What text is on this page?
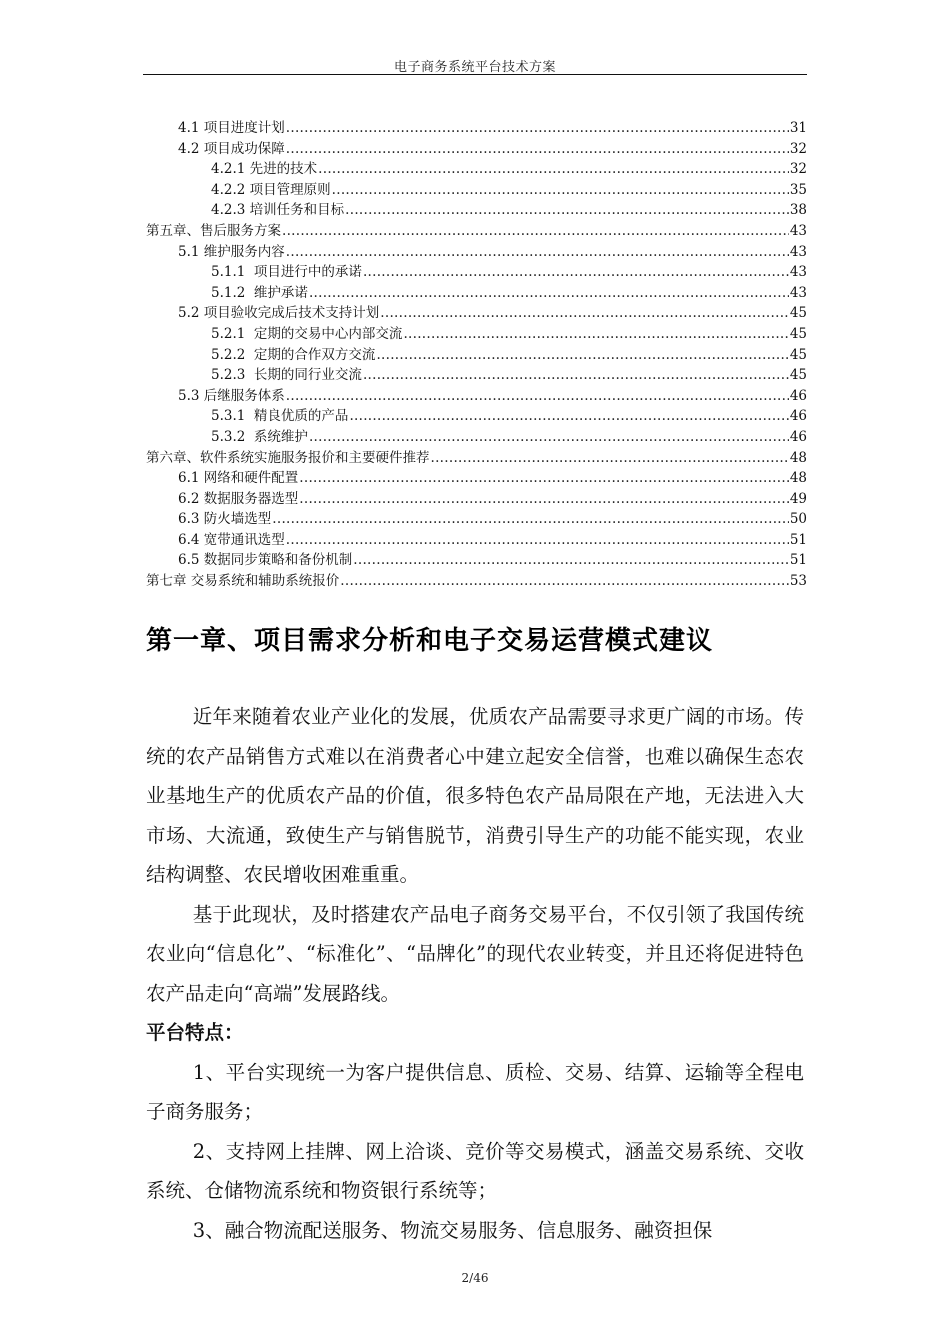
电子商务系统平台技术方案
4.1 项目进度计划 .....	31
4.2 项目成功保障 .....	32
4.2.1 先进的技术 .....	32
4.2.2 项目管理原则 .....	35
4.2.3 培训任务和目标 .....	38
第五章、售后服务方案 .....	43
5.1 维护服务内容 .....	43
5.1.1  项目进行中的承诺 .....	43
5.1.2  维护承诺 .....	43
5.2 项目验收完成后技术支持计划 .....	45
5.2.1  定期的交易中心内部交流 .....	45
5.2.2  定期的合作双方交流 .....	45
5.2.3  长期的同行业交流 .....	45
5.3 后继服务体系 .....	46
5.3.1  精良优质的产品 .....	46
5.3.2  系统维护 .....	46
第六章、软件系统实施服务报价和主要硬件推荐 .....	48
6.1 网络和硬件配置 .....	48
6.2 数据服务器选型 .....	49
6.3 防火墙选型 .....	50
6.4 宽带通讯选型 .....	51
6.5 数据同步策略和备份机制 .....	51
第七章 交易系统和辅助系统报价 .....	53
第一章、项目需求分析和电子交易运营模式建议

近年来随着农业产业化的发展，优质农产品需要寻求更广阔的市场。传统的农产品销售方式难以在消费者心中建立起安全信誉，也难以确保生态农业基地生产的优质农产品的价值，很多特色农产品局限在产地，无法进入大市场、大流通，致使生产与销售脱节，消费引导生产的功能不能实现，农业结构调整、农民增收困难重重。

基于此现状，及时搭建农产品电子商务交易平台，不仅引领了我国传统农业向“信息化”、“标准化”、“品牌化”的现代农业转变，并且还将促进特色农产品走向“高端”发展路线。

平台特点：

1、平台实现统一为客户提供信息、质检、交易、结算、运输等全程电子商务服务；

2、支持网上挂牌、网上洽谈、竞价等交易模式，涵盖交易系统、交收系统、仓储物流系统和物资银行系统等；

3、融合物流配送服务、物流交易服务、信息服务、融资担保

2/46
